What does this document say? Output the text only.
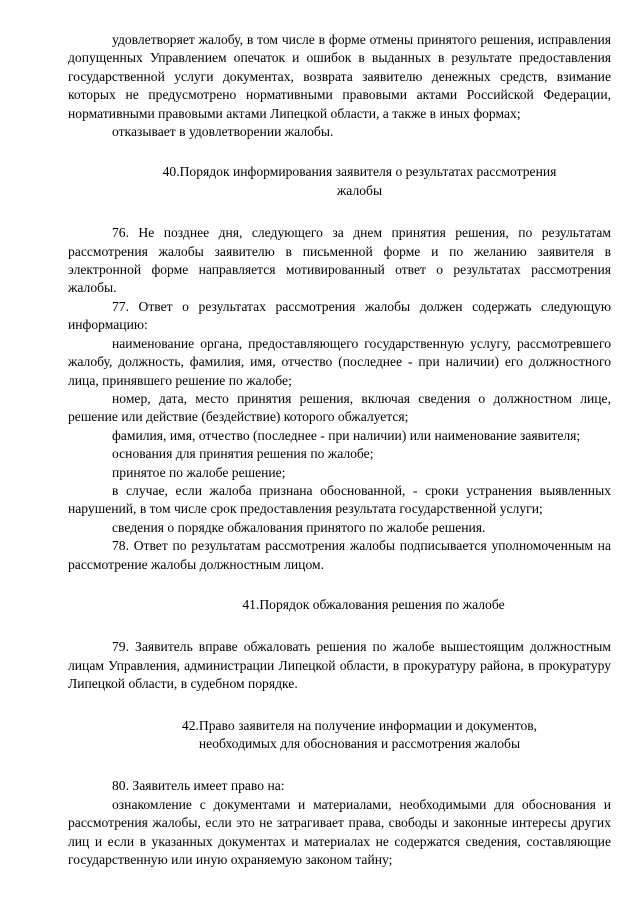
удовлетворяет жалобу, в том числе в форме отмены принятого решения, исправления допущенных Управлением опечаток и ошибок в выданных в результате предоставления государственной услуги документах, возврата заявителю денежных средств, взимание которых не предусмотрено нормативными правовыми актами Российской Федерации, нормативными правовыми актами Липецкой области, а также в иных формах;

отказывает в удовлетворении жалобы.

40.Порядок информирования заявителя о результатах рассмотрения
жалобы

76. Не позднее дня, следующего за днем принятия решения, по результатам рассмотрения жалобы заявителю в письменной форме и по желанию заявителя в электронной форме направляется мотивированный ответ о результатах рассмотрения жалобы.

77. Ответ о результатах рассмотрения жалобы должен содержать следующую информацию:

наименование органа, предоставляющего государственную услугу, рассмотревшего жалобу, должность, фамилия, имя, отчество (последнее - при наличии) его должностного лица, принявшего решение по жалобе;

номер, дата, место принятия решения, включая сведения о должностном лице, решение или действие (бездействие) которого обжалуется;

фамилия, имя, отчество (последнее - при наличии) или наименование заявителя;

основания для принятия решения по жалобе;

принятое по жалобе решение;

в случае, если жалоба признана обоснованной, - сроки устранения выявленных нарушений, в том числе срок предоставления результата государственной услуги;

сведения о порядке обжалования принятого по жалобе решения.

78. Ответ по результатам рассмотрения жалобы подписывается уполномоченным на рассмотрение жалобы должностным лицом.

41.Порядок обжалования решения по жалобе

79. Заявитель вправе обжаловать решения по жалобе вышестоящим должностным лицам Управления, администрации Липецкой области, в прокуратуру района, в прокуратуру Липецкой области, в судебном порядке.

42.Право заявителя на получение информации и документов,
необходимых для обоснования и рассмотрения жалобы

80. Заявитель имеет право на:

ознакомление с документами и материалами, необходимыми для обоснования и рассмотрения жалобы, если это не затрагивает права, свободы и законные интересы других лиц и если в указанных документах и материалах не содержатся сведения, составляющие государственную или иную охраняемую законом тайну;
